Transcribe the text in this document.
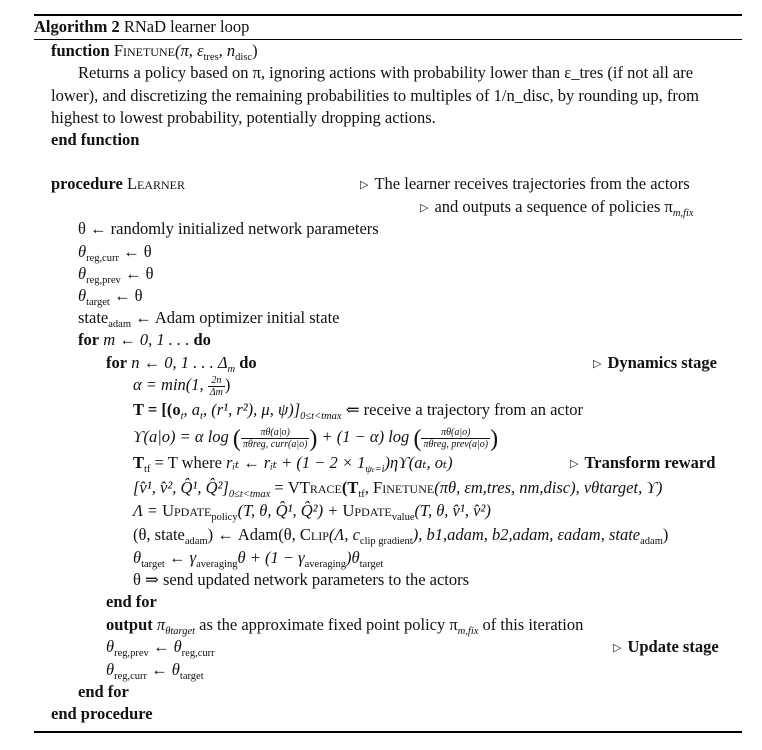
Algorithm 2 RNaD learner loop
function Finetune(π, $\varepsilon_{tres}$, $n_{disc}$)
Returns a policy based on π, ignoring actions with probability lower than ε_tres (if not all are lower), and discretizing the remaining probabilities to multiples of 1/n_disc, by rounding up, from highest to lowest probability, potentially dropping actions.
end function
procedure Learner	▷ The learner receives trajectories from the actors
▷ and outputs a sequence of policies $\pi_{m,fix}$
θ ← randomly initialized network parameters
$\theta_{reg,curr}$ ← θ
$\theta_{reg,prev}$ ← θ
$\theta_{target}$ ← θ
state$_{adam}$ ← Adam optimizer initial state
for m ← 0, 1 . . . do
for n ← 0, 1 . . . $\Delta_m$ do	▷ Dynamics stage
α = min(1, $\frac{2n}{\Delta m}$ )
$T = [(o_t$, $a_t$, (r¹, r²), μ, $\psi)]_{0\le t<tmax}$ ⇐ receive a trajectory from an actor
ϒ(a|o) = α log ( $\frac{\pi\theta(a|o)}{\text{πθreg, curr(a|o)}}$ ) + (1 − α) log ( $\frac{\pi\theta(a|o)}{\text{πθreg, prev(a|o)}}$ )
$T_{tf} = T$ where rᵢₜ ← rᵢₜ + $(1 - 2 \times 1_{\psi_t=i})\eta ϒ(a_t$, oₜ)	▷ Transform reward
[v̂¹, v̂², Q̂¹, $Q̂^2]_{0\le t<tmax}$ = $VTrace(T_{tf}$, Finetune(πθ, εm,tres, nm,disc), vθtarget, ϒ)
Λ = Update$_{policy}$(T, θ, Q̂¹, Q̂²) + Update$_{value}$(T, θ, v̂¹, v̂²)
(θ, state$_{adam}$) ← Adam(θ, Clip(Λ, $c_{clip gradient}$), b1,adam, b2,adam, εadam, state$_{adam}$)
$\theta_{target}$ ← $\gamma_{averaging}\theta + (1 - \gamma_{averaging})\theta_{target}$
θ ⇒ send updated network parameters to the actors
end for
output $\pi_{\theta target}$ as the approximate fixed point policy $\pi_{m,fix}$ of this iteration
$\theta_{reg,prev}$ ← $\theta_{reg,curr}$	▷ Update stage
$\theta_{reg,curr}$ ← $\theta_{target}$
end for
end procedure
